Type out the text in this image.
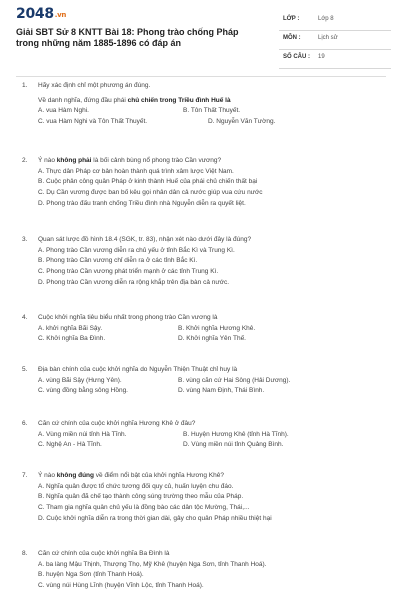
2048.vn
Giải SBT Sử 8 KNTT Bài 18: Phong trào chống Pháp trong những năm 1885-1896 có đáp án
LỚP :	Lớp 8
MÔN :	Lịch sử
SỐ CÂU : 19
1. Hãy xác định chỉ một phương án đúng.
Về danh nghĩa, đứng đầu phái chủ chiến trong Triều đình Huế là
A. vua Hàm Nghi.	B. Tôn Thất Thuyết.
C. vua Hàm Nghi và Tôn Thất Thuyết.	D. Nguyễn Văn Tường.
2. Ý nào không phải là bối cảnh bùng nổ phong trào Cần vương?
A. Thực dân Pháp cơ bản hoàn thành quá trình xâm lược Việt Nam.
B. Cuộc phản công quân Pháp ở kinh thành Huế của phái chủ chiến thất bại
C. Dụ Cần vương được ban bố kêu gọi nhân dân cả nước giúp vua cứu nước
D. Phong trào đấu tranh chống Triều đình nhà Nguyễn diễn ra quyết liệt.
3. Quan sát lược đồ hình 18.4 (SGK, tr. 83), nhận xét nào dưới đây là đúng?
A. Phong trào Cần vương diễn ra chủ yếu ở tỉnh Bắc Kì và Trung Kì.
B. Phong trào Cần vương chỉ diễn ra ở các tỉnh Bắc Kì.
C. Phong trào Cần vương phát triển mạnh ở các tỉnh Trung Kì.
D. Phong trào Cần vương diễn ra rộng khắp trên địa bàn cả nước.
4. Cuộc khởi nghĩa tiêu biểu nhất trong phong trào Cần vương là
A. khởi nghĩa Bãi Sậy.	B. Khởi nghĩa Hương Khê.
C. Khởi nghĩa Ba Đình.	D. Khởi nghĩa Yên Thế.
5. Địa bàn chính của cuộc khởi nghĩa do Nguyễn Thiện Thuật chỉ huy là
A. vùng Bãi Sậy (Hưng Yên).	B. vùng căn cứ Hai Sông (Hải Dương).
C. vùng đồng bằng sông Hồng.	D. vùng Nam Định, Thái Bình.
6. Căn cứ chính của cuộc khởi nghĩa Hương Khê ở đâu?
A. Vùng miền núi tỉnh Hà Tĩnh.	B. Huyện Hương Khê (tỉnh Hà Tĩnh).
C. Nghệ An - Hà Tĩnh.	D. Vùng miền núi tỉnh Quảng Bình.
7. Ý nào không đúng về điểm nổi bật của khởi nghĩa Hương Khê?
A. Nghĩa quân được tổ chức tương đối quy củ, huấn luyện chu đáo.
B. Nghĩa quân đã chế tạo thành công súng trường theo mẫu của Pháp.
C. Tham gia nghĩa quân chủ yếu là đồng bào các dân tộc Mường, Thái,...
D. Cuộc khởi nghĩa diễn ra trong thời gian dài, gây cho quân Pháp nhiều thiệt hại
8. Căn cứ chính của cuộc khởi nghĩa Ba Đình là
A. ba làng Mậu Thịnh, Thượng Thọ, Mỹ Khê (huyện Nga Sơn, tỉnh Thanh Hoá).
B. huyện Nga Sơn (tỉnh Thanh Hoá).
C. vùng núi Hùng Lĩnh (huyện Vĩnh Lộc, tỉnh Thanh Hoá).
